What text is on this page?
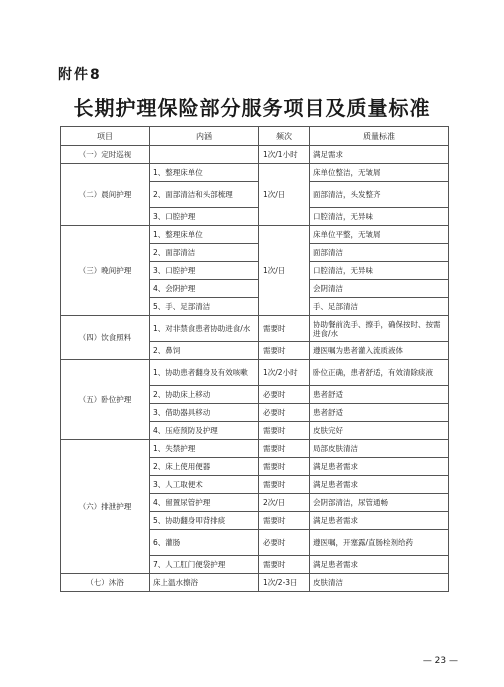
附件8
长期护理保险部分服务项目及质量标准
项目	内涵	频次	质量标准
（一）定时巡视		1次/1小时	满足需求
（二）晨间护理	1、整理床单位	1次/日	床单位整洁，无皱屑
	2、面部清洁和头部梳理		面部清洁，头发整齐
	3、口腔护理		口腔清洁，无异味
（三）晚间护理	1、整理床单位	1次/日	床单位平整，无皱屑
	2、面部清洁		面部清洁
	3、口腔护理		口腔清洁，无异味
	4、会阴护理		会阴清洁
	5、手、足部清洁		手、足部清洁
（四）饮食照料	1、对非禁食患者协助进食/水	需要时	协助餐前洗手、擦手，确保按时、按需进食/水
	2、鼻饲	需要时	遵医嘱为患者灌入流质液体
（五）卧位护理	1、协助患者翻身及有效咳嗽	1次/2小时	卧位正确，患者舒适，有效清除痰液
	2、协助床上移动	必要时	患者舒适
	3、借助器具移动	必要时	患者舒适
	4、压疮预防及护理	需要时	皮肤完好
（六）排泄护理	1、失禁护理	需要时	局部皮肤清洁
	2、床上使用便器	需要时	满足患者需求
	3、人工取便术	需要时	满足患者需求
	4、留置尿管护理	2次/日	会阴部清洁，尿管通畅
	5、协助翻身叩背排痰	需要时	满足患者需求
	6、灌肠	必要时	遵医嘱，开塞露/直肠栓剂给药
	7、人工肛门便袋护理	需要时	满足患者需求
（七）沐浴	床上温水擦浴	1次/2-3日	皮肤清洁
— 23 —
